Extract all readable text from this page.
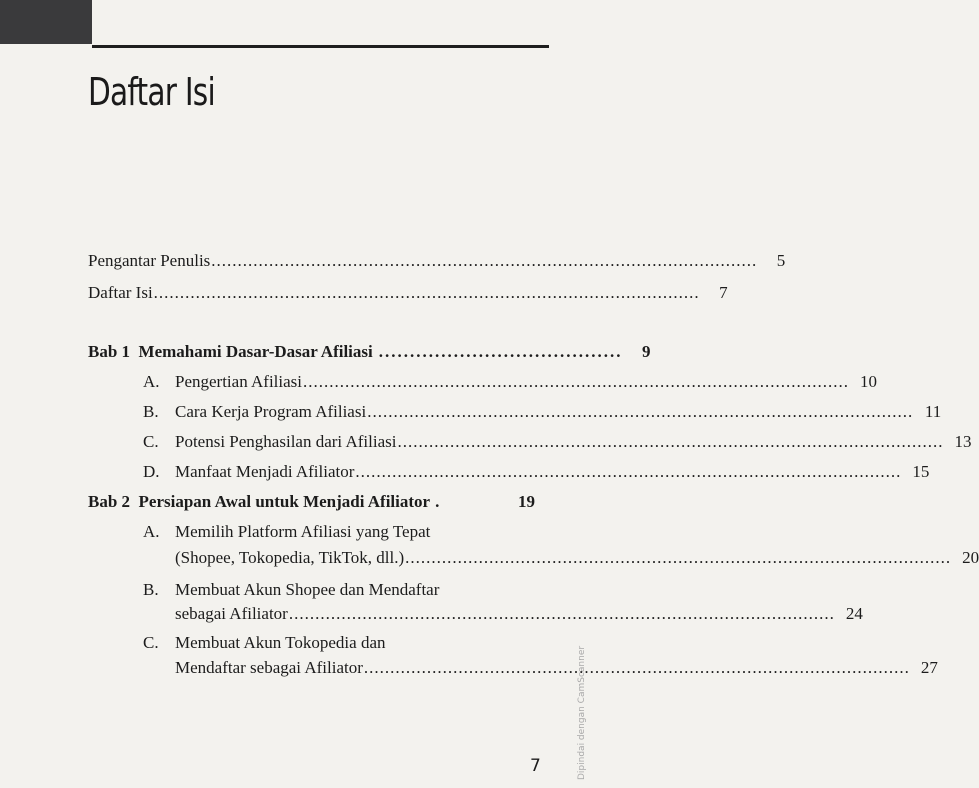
Daftar Isi
Pengantar Penulis ........................................................................................................	5
Daftar Isi ........................................................................................................	7
Bab 1  Memahami Dasar-Dasar Afiliasi .......................................	9
A. Pengertian Afiliasi ........................................................................................................ 10
B. Cara Kerja Program Afiliasi ........................................................................................................ 11
C. Potensi Penghasilan dari Afiliasi ........................................................................................................ 13
D. Manfaat Menjadi Afiliator ........................................................................................................ 15
Bab 2  Persiapan Awal untuk Menjadi Afiliator .	19
A. Memilih Platform Afiliasi yang Tepat
(Shopee, Tokopedia, TikTok, dll.) ........................................................................................................ 20
B. Membuat Akun Shopee dan Mendaftar
sebagai Afiliator ........................................................................................................ 24
C. Membuat Akun Tokopedia dan
Mendaftar sebagai Afiliator ........................................................................................................ 27
7	Dipindai dengan CamScanner
